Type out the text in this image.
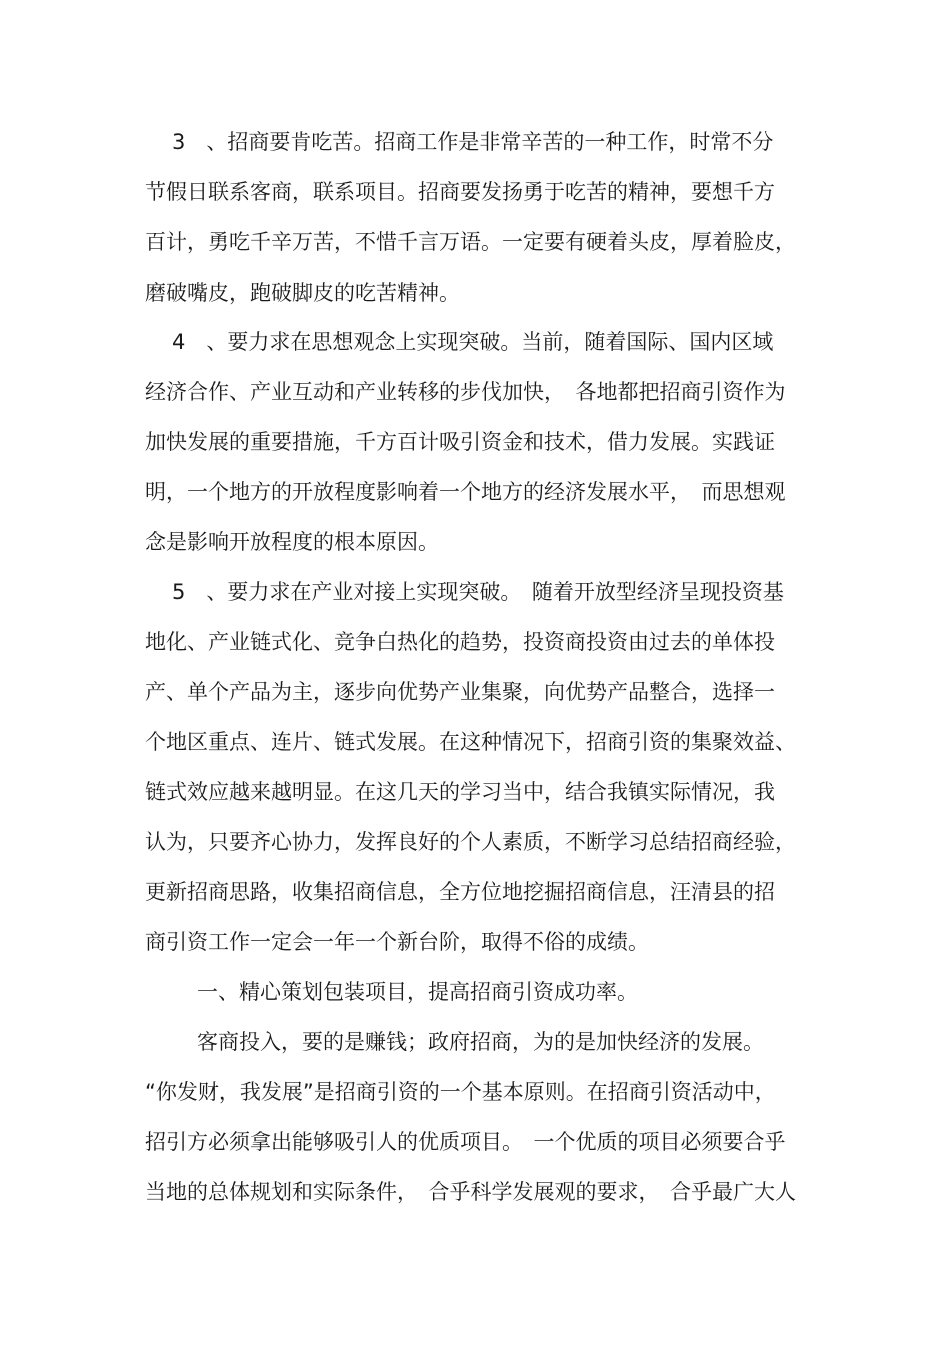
3　、招商要肯吃苦。招商工作是非常辛苦的一种工作，时常不分
节假日联系客商，联系项目。招商要发扬勇于吃苦的精神，要想千方
百计，勇吃千辛万苦，不惜千言万语。一定要有硬着头皮，厚着脸皮，
磨破嘴皮，跑破脚皮的吃苦精神。
4　、要力求在思想观念上实现突破。当前，随着国际、国内区域
经济合作、产业互动和产业转移的步伐加快，　各地都把招商引资作为
加快发展的重要措施，千方百计吸引资金和技术，借力发展。实践证
明，一个地方的开放程度影响着一个地方的经济发展水平，　而思想观
念是影响开放程度的根本原因。
5　、要力求在产业对接上实现突破。　随着开放型经济呈现投资基
地化、产业链式化、竞争白热化的趋势，投资商投资由过去的单体投
产、单个产品为主，逐步向优势产业集聚，向优势产品整合，选择一
个地区重点、连片、链式发展。在这种情况下，招商引资的集聚效益、
链式效应越来越明显。在这几天的学习当中，结合我镇实际情况，我
认为，只要齐心协力，发挥良好的个人素质，不断学习总结招商经验，
更新招商思路，收集招商信息，全方位地挖掘招商信息，汪清县的招
商引资工作一定会一年一个新台阶，取得不俗的成绩。
一、精心策划包装项目，提高招商引资成功率。
客商投入，要的是赚钱；政府招商，为的是加快经济的发展。
“你发财，我发展”是招商引资的一个基本原则。在招商引资活动中，
招引方必须拿出能够吸引人的优质项目。　一个优质的项目必须要合乎
当地的总体规划和实际条件，　合乎科学发展观的要求，　合乎最广大人
